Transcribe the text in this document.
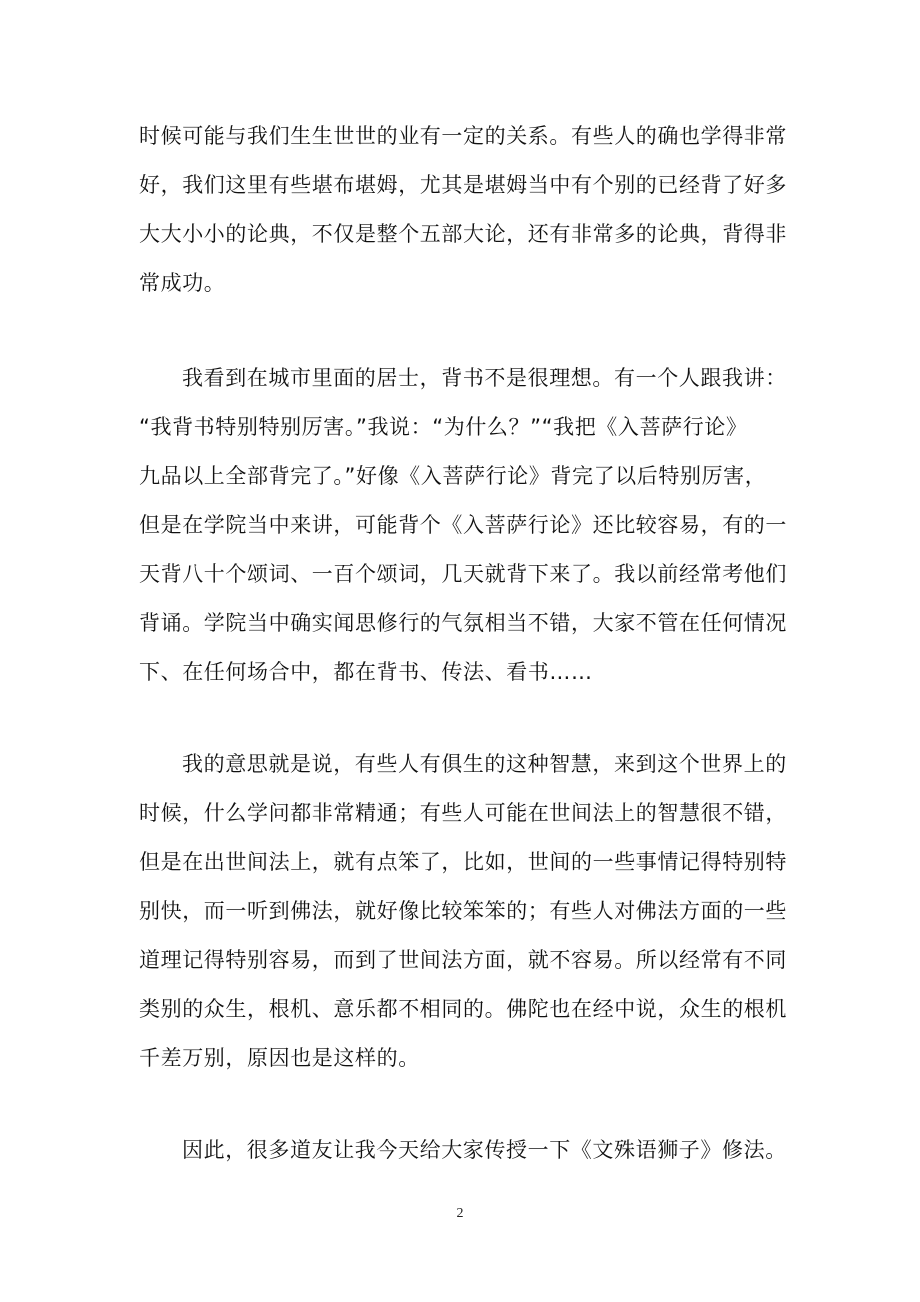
时候可能与我们生生世世的业有一定的关系。有些人的确也学得非常
好，我们这里有些堪布堪姆，尤其是堪姆当中有个别的已经背了好多
大大小小的论典，不仅是整个五部大论，还有非常多的论典，背得非
常成功。
我看到在城市里面的居士，背书不是很理想。有一个人跟我讲：
“我背书特别特别厉害。”我说：“为什么？”“我把《入菩萨行论》
九品以上全部背完了。”好像《入菩萨行论》背完了以后特别厉害，
但是在学院当中来讲，可能背个《入菩萨行论》还比较容易，有的一
天背八十个颂词、一百个颂词，几天就背下来了。我以前经常考他们
背诵。学院当中确实闻思修行的气氛相当不错，大家不管在任何情况
下、在任何场合中，都在背书、传法、看书……
我的意思就是说，有些人有俱生的这种智慧，来到这个世界上的
时候，什么学问都非常精通；有些人可能在世间法上的智慧很不错，
但是在出世间法上，就有点笨了，比如，世间的一些事情记得特别特
别快，而一听到佛法，就好像比较笨笨的；有些人对佛法方面的一些
道理记得特别容易，而到了世间法方面，就不容易。所以经常有不同
类别的众生，根机、意乐都不相同的。佛陀也在经中说，众生的根机
千差万别，原因也是这样的。
因此，很多道友让我今天给大家传授一下《文殊语狮子》修法。
2
